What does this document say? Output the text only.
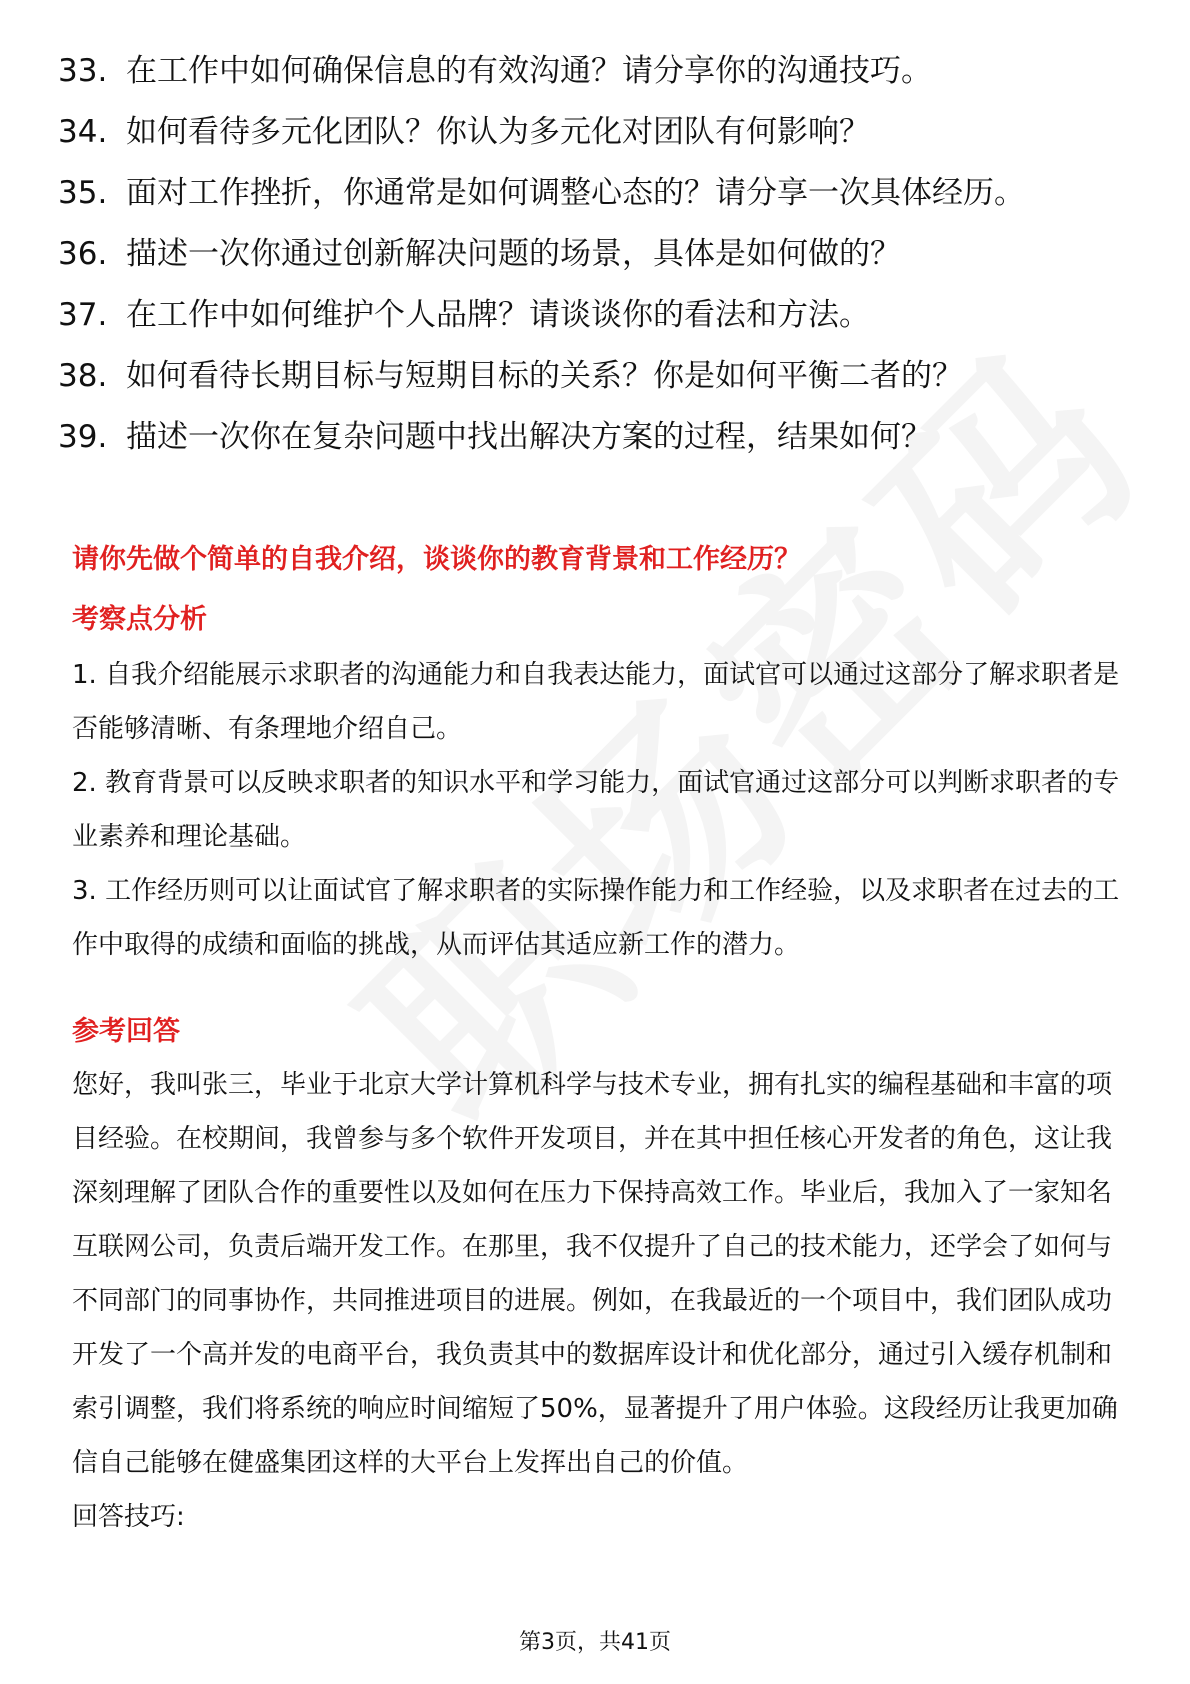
33. 在工作中如何确保信息的有效沟通？请分享你的沟通技巧。
34. 如何看待多元化团队？你认为多元化对团队有何影响？
35. 面对工作挫折，你通常是如何调整心态的？请分享一次具体经历。
36. 描述一次你通过创新解决问题的场景，具体是如何做的？
37. 在工作中如何维护个人品牌？请谈谈你的看法和方法。
38. 如何看待长期目标与短期目标的关系？你是如何平衡二者的？
39. 描述一次你在复杂问题中找出解决方案的过程，结果如何？

请你先做个简单的自我介绍，谈谈你的教育背景和工作经历？

考察点分析

1. 自我介绍能展示求职者的沟通能力和自我表达能力，面试官可以通过这部分了解求职者是否能够清晰、有条理地介绍自己。

2. 教育背景可以反映求职者的知识水平和学习能力，面试官通过这部分可以判断求职者的专业素养和理论基础。

3. 工作经历则可以让面试官了解求职者的实际操作能力和工作经验，以及求职者在过去的工作中取得的成绩和面临的挑战，从而评估其适应新工作的潜力。

参考回答

您好，我叫张三，毕业于北京大学计算机科学与技术专业，拥有扎实的编程基础和丰富的项目经验。在校期间，我曾参与多个软件开发项目，并在其中担任核心开发者的角色，这让我深刻理解了团队合作的重要性以及如何在压力下保持高效工作。毕业后，我加入了一家知名互联网公司，负责后端开发工作。在那里，我不仅提升了自己的技术能力，还学会了如何与不同部门的同事协作，共同推进项目的进展。例如，在我最近的一个项目中，我们团队成功开发了一个高并发的电商平台，我负责其中的数据库设计和优化部分，通过引入缓存机制和索引调整，我们将系统的响应时间缩短了50%，显著提升了用户体验。这段经历让我更加确信自己能够在健盛集团这样的大平台上发挥出自己的价值。

回答技巧:

第3页，共41页
